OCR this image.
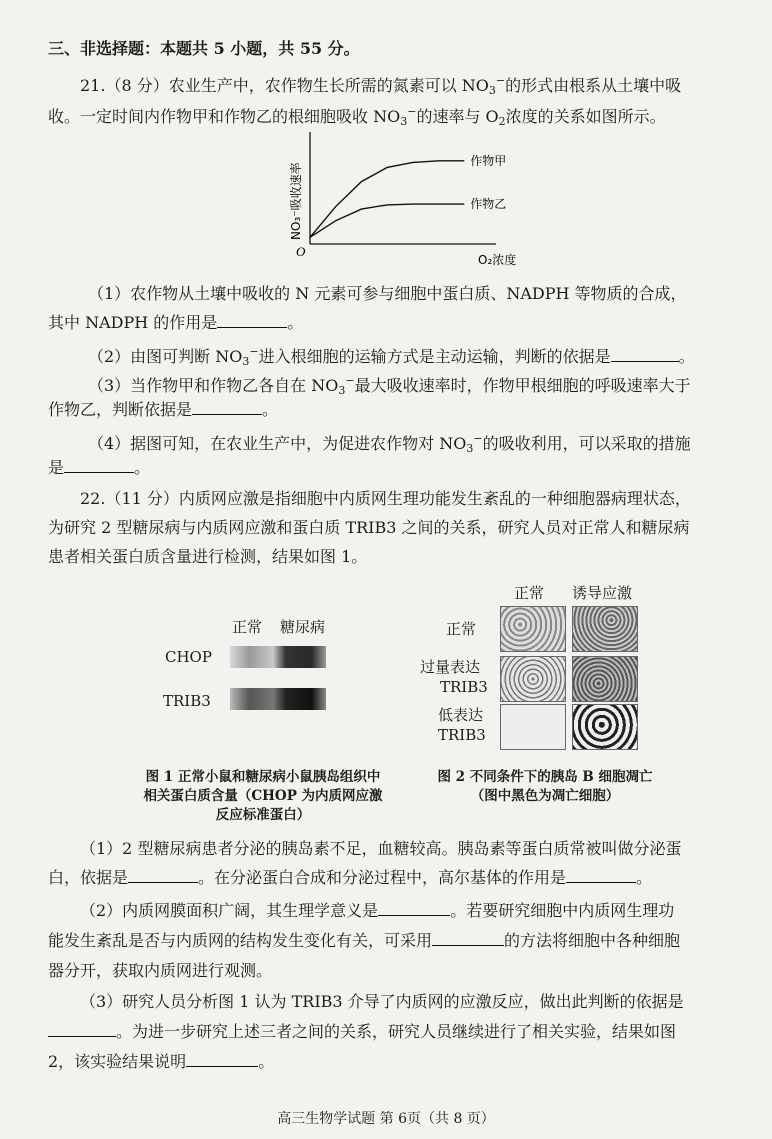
三、非选择题：本题共 5 小题，共 55 分。
21.（8 分）农业生产中，农作物生长所需的氮素可以 $NO_3^-$的形式由根系从土壤中吸
收。一定时间内作物甲和作物乙的根细胞吸收 $NO_3^-$的速率与 $O_2$浓度的关系如图所示。
O
O₂浓度
NO₃⁻吸收速率
作物甲
作物乙
（1）农作物从土壤中吸收的 N 元素可参与细胞中蛋白质、NADPH 等物质的合成，
其中 NADPH 的作用是	。
（2）由图可判断 $NO_3^-$进入根细胞的运输方式是主动运输，判断的依据是	。
（3）当作物甲和作物乙各自在 $NO_3^-$最大吸收速率时，作物甲根细胞的呼吸速率大于
作物乙，判断依据是	。
（4）据图可知，在农业生产中，为促进农作物对 $NO_3^-$的吸收利用，可以采取的措施
是	。
22.（11 分）内质网应激是指细胞中内质网生理功能发生紊乱的一种细胞器病理状态，
为研究 2 型糖尿病与内质网应激和蛋白质 TRIB3 之间的关系，研究人员对正常人和糖尿病
患者相关蛋白质含量进行检测，结果如图 1。
正常 糖尿病
CHOP
TRIB3
图 1 正常小鼠和糖尿病小鼠胰岛组织中
相关蛋白质含量（CHOP 为内质网应激
反应标准蛋白）
正常 诱导应激
正常
过量表达
TRIB3
低表达
TRIB3
图 2 不同条件下的胰岛 B 细胞凋亡
（图中黑色为凋亡细胞）
（1）2 型糖尿病患者分泌的胰岛素不足，血糖较高。胰岛素等蛋白质常被叫做分泌蛋
白，依据是	。在分泌蛋白合成和分泌过程中，高尔基体的作用是	。
（2）内质网膜面积广阔，其生理学意义是	。若要研究细胞中内质网生理功
能发生紊乱是否与内质网的结构发生变化有关，可采用	的方法将细胞中各种细胞
器分开，获取内质网进行观测。
（3）研究人员分析图 1 认为 TRIB3 介导了内质网的应激反应，做出此判断的依据是
。为进一步研究上述三者之间的关系，研究人员继续进行了相关实验，结果如图
2，该实验结果说明	。
高三生物学试题 第 6页（共 8 页）
